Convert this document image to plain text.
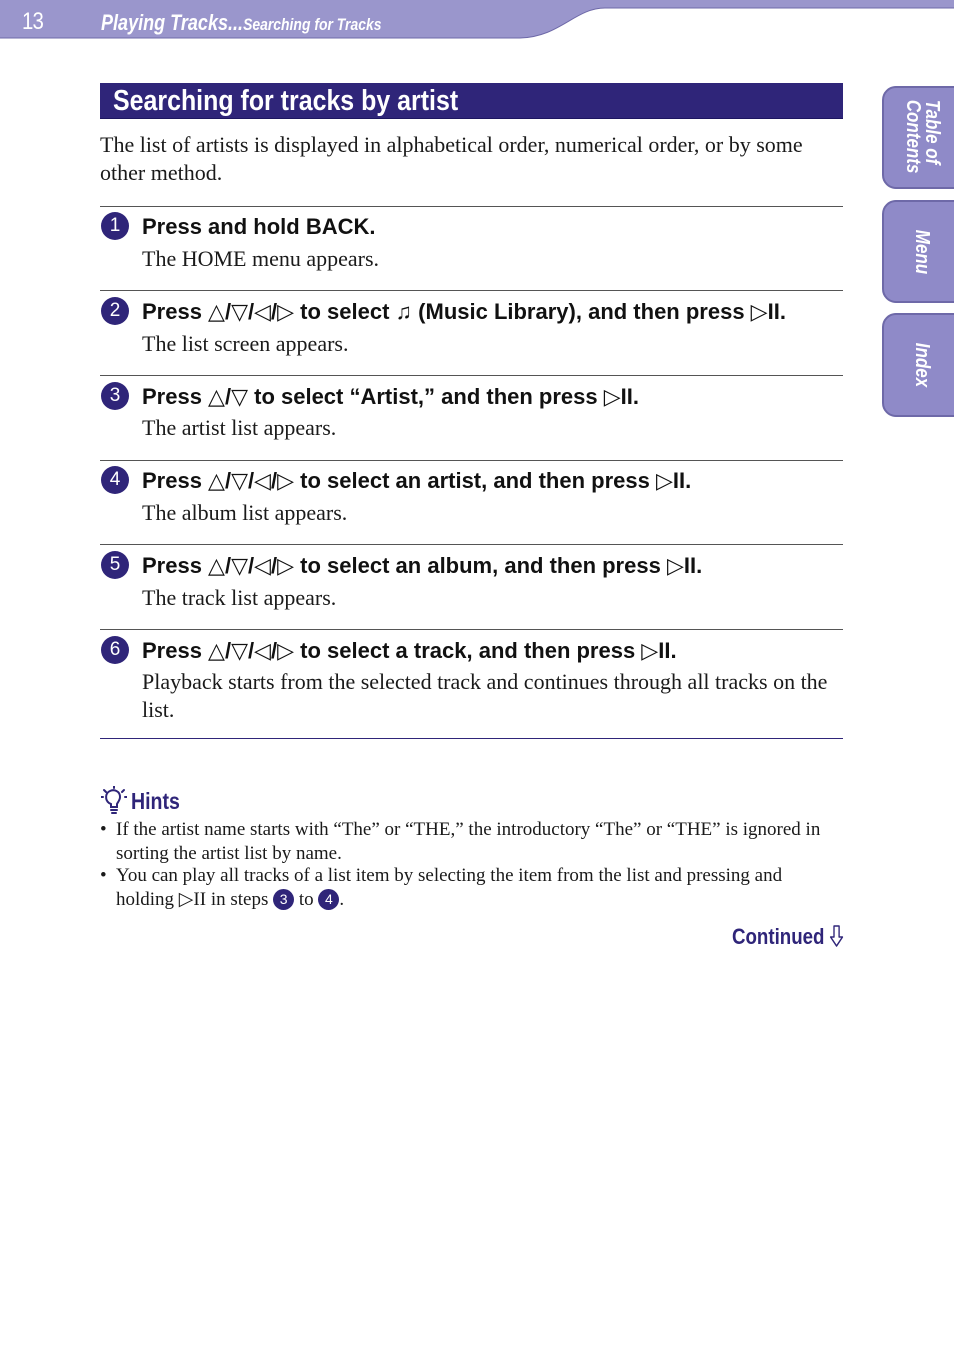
13	Playing Tracks...Searching for Tracks
Table of Contents
Menu
Index
Searching for tracks by artist
The list of artists is displayed in alphabetical order, numerical order, or by some other method.
1 Press and hold BACK.
The HOME menu appears.
2 Press △/▽/◁/▷ to select ♫ (Music Library), and then press ▷II.
The list screen appears.
3 Press △/▽ to select “Artist,” and then press ▷II.
The artist list appears.
4 Press △/▽/◁/▷ to select an artist, and then press ▷II.
The album list appears.
5 Press △/▽/◁/▷ to select an album, and then press ▷II.
The track list appears.
6 Press △/▽/◁/▷ to select a track, and then press ▷II.
Playback starts from the selected track and continues through all tracks on the list.
Hints
• If the artist name starts with “The” or “THE,” the introductory “The” or “THE” is ignored in sorting the artist list by name.
• You can play all tracks of a list item by selecting the item from the list and pressing and holding ▷II in steps 3 to 4 .
Continued
